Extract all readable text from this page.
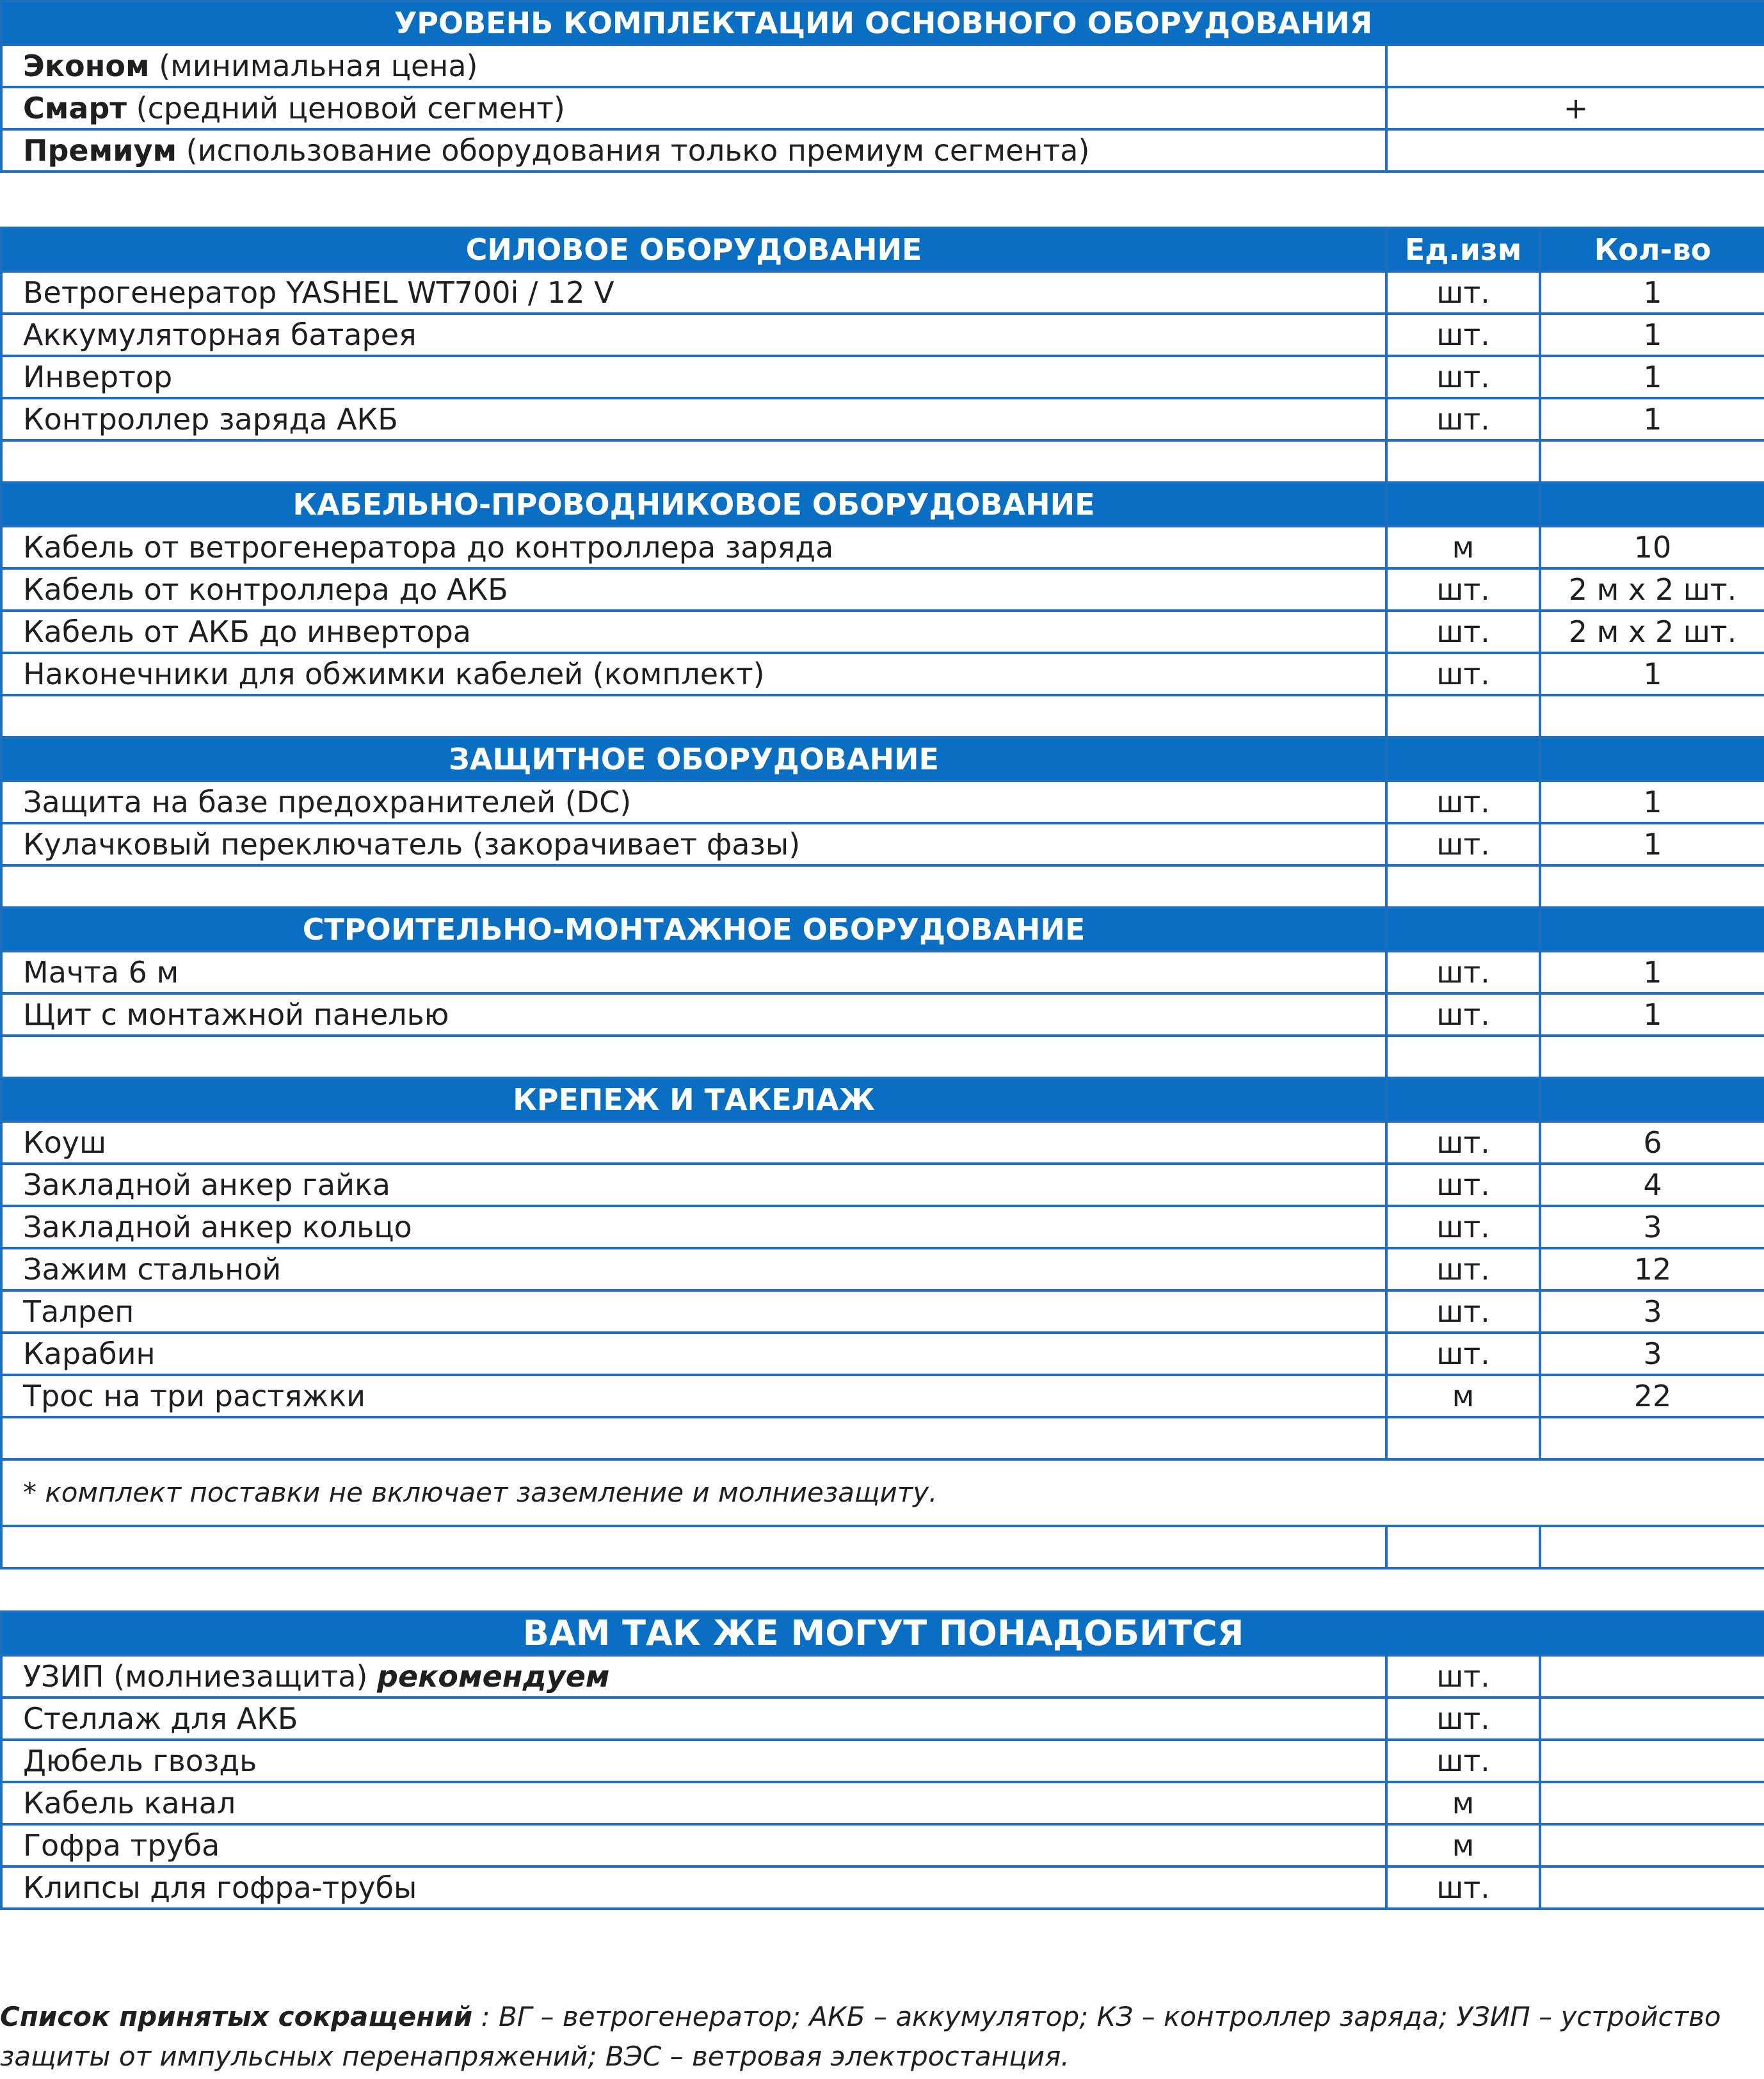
УРОВЕНЬ КОМПЛЕКТАЦИИ ОСНОВНОГО ОБОРУДОВАНИЯ	
Эконом (минимальная цена)	
Смарт (средний ценовой сегмент)	+
Премиум (использование оборудования только премиум сегмента)	
СИЛОВОЕ ОБОРУДОВАНИЕ	Ед.изм	Кол-во
Ветрогенератор YASHEL WT700i / 12 V	шт.	1
Аккумуляторная батарея	шт.	1
Инвертор	шт.	1
Контроллер заряда АКБ	шт.	1

КАБЕЛЬНО-ПРОВОДНИКОВОЕ ОБОРУДОВАНИЕ		
Кабель от ветрогенератора до контроллера заряда	м	10
Кабель от контроллера до АКБ	шт.	2 м х 2 шт.
Кабель от АКБ до инвертора	шт.	2 м х 2 шт.
Наконечники для обжимки кабелей (комплект)	шт.	1

ЗАЩИТНОЕ ОБОРУДОВАНИЕ		
Защита на базе предохранителей (DC)	шт.	1
Кулачковый переключатель (закорачивает фазы)	шт.	1

СТРОИТЕЛЬНО-МОНТАЖНОЕ ОБОРУДОВАНИЕ		
Мачта 6 м	шт.	1
Щит с монтажной панелью	шт.	1

КРЕПЕЖ И ТАКЕЛАЖ		
Коуш	шт.	6
Закладной анкер гайка	шт.	4
Закладной анкер кольцо	шт.	3
Зажим стальной	шт.	12
Талреп	шт.	3
Карабин	шт.	3
Трос на три растяжки	м	22

* комплект поставки не включает заземление и молниезащиту.		

ВАМ ТАК ЖЕ МОГУТ ПОНАДОБИТСЯ		
УЗИП (молниезащита) рекомендуем	шт.	
Стеллаж для АКБ	шт.	
Дюбель гвоздь	шт.	
Кабель канал	м	
Гофра труба	м	
Клипсы для гофра-трубы	шт.	
Список принятых сокращений : ВГ – ветрогенератор; АКБ – аккумулятор; КЗ – контроллер заряда; УЗИП – устройство
защиты от импульсных перенапряжений; ВЭС – ветровая электростанция.
